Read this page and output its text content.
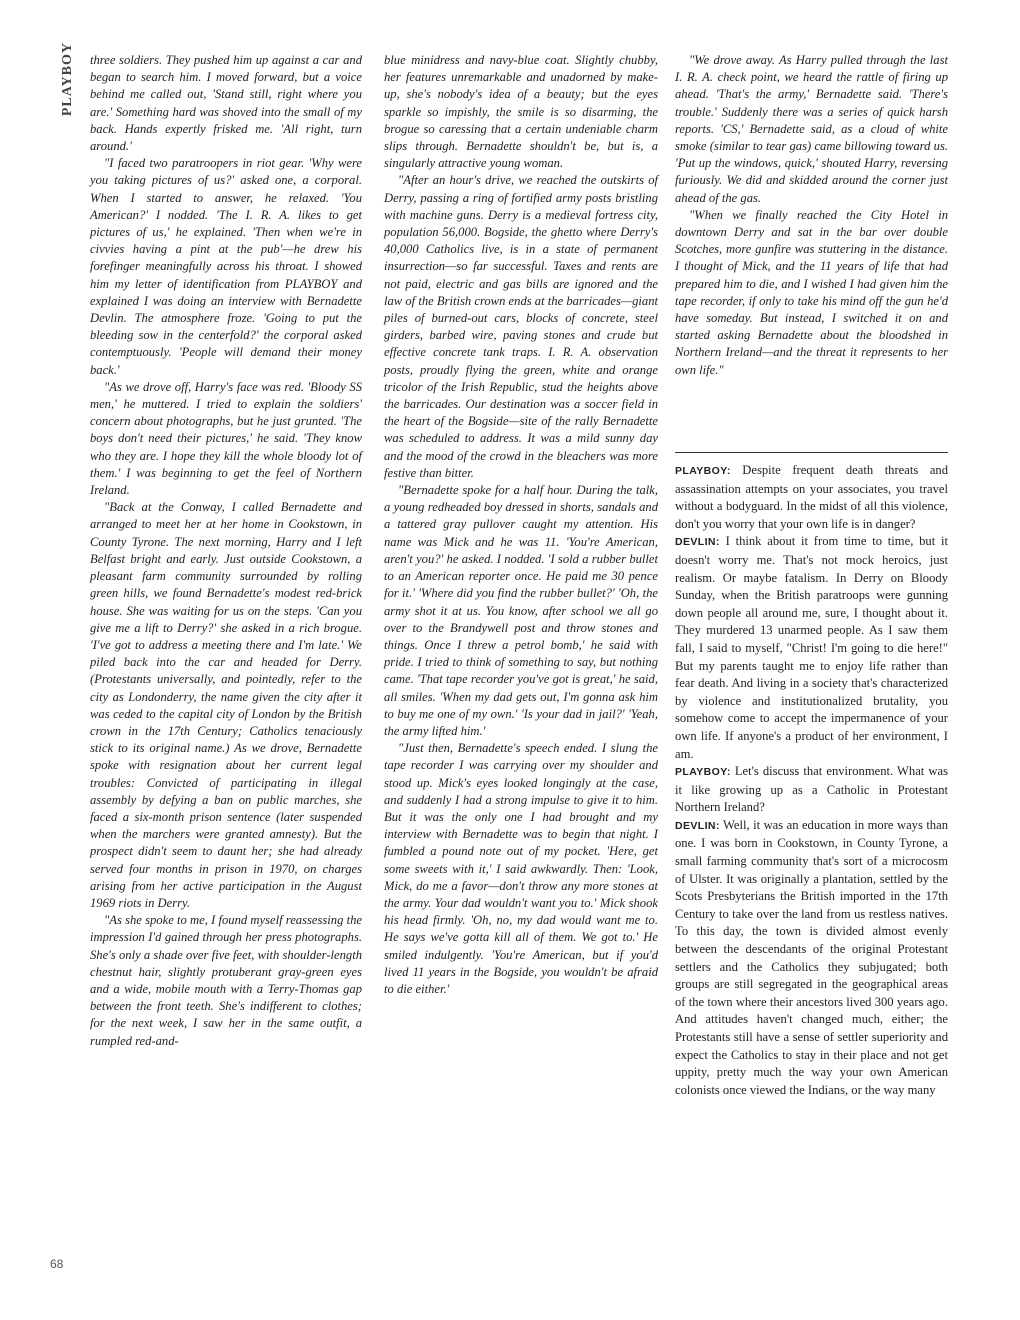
PLAYBOY
68

three soldiers. They pushed him up against a car and began to search him. I moved forward, but a voice behind me called out, 'Stand still, right where you are.' Something hard was shoved into the small of my back. Hands expertly frisked me. 'All right, turn around.'

"I faced two paratroopers in riot gear. 'Why were you taking pictures of us?' asked one, a corporal. When I started to answer, he relaxed. 'You American?' I nodded. 'The I. R. A. likes to get pictures of us,' he explained. 'Then when we're in civvies having a pint at the pub'—he drew his forefinger meaningfully across his throat. I showed him my letter of identification from PLAYBOY and explained I was doing an interview with Bernadette Devlin. The atmosphere froze. 'Going to put the bleeding sow in the centerfold?' the corporal asked contemptuously. 'People will demand their money back.'

"As we drove off, Harry's face was red. 'Bloody SS men,' he muttered. I tried to explain the soldiers' concern about photographs, but he just grunted. 'The boys don't need their pictures,' he said. 'They know who they are. I hope they kill the whole bloody lot of them.' I was beginning to get the feel of Northern Ireland.

"Back at the Conway, I called Bernadette and arranged to meet her at her home in Cookstown, in County Tyrone. The next morning, Harry and I left Belfast bright and early. Just outside Cookstown, a pleasant farm community surrounded by rolling green hills, we found Bernadette's modest red-brick house. She was waiting for us on the steps. 'Can you give me a lift to Derry?' she asked in a rich brogue. 'I've got to address a meeting there and I'm late.' We piled back into the car and headed for Derry. (Protestants universally, and pointedly, refer to the city as Londonderry, the name given the city after it was ceded to the capital city of London by the British crown in the 17th Century; Catholics tenaciously stick to its original name.) As we drove, Bernadette spoke with resignation about her current legal troubles: Convicted of participating in illegal assembly by defying a ban on public marches, she faced a six-month prison sentence (later suspended when the marchers were granted amnesty). But the prospect didn't seem to daunt her; she had already served four months in prison in 1970, on charges arising from her active participation in the August 1969 riots in Derry.

"As she spoke to me, I found myself reassessing the impression I'd gained through her press photographs. She's only a shade over five feet, with shoulder-length chestnut hair, slightly protuberant gray-green eyes and a wide, mobile mouth with a Terry-Thomas gap between the front teeth. She's indifferent to clothes; for the next week, I saw her in the same outfit, a rumpled red-and-

blue minidress and navy-blue coat. Slightly chubby, her features unremarkable and unadorned by make-up, she's nobody's idea of a beauty; but the eyes sparkle so impishly, the smile is so disarming, the brogue so caressing that a certain undeniable charm slips through. Bernadette shouldn't be, but is, a singularly attractive young woman.

"After an hour's drive, we reached the outskirts of Derry, passing a ring of fortified army posts bristling with machine guns. Derry is a medieval fortress city, population 56,000. Bogside, the ghetto where Derry's 40,000 Catholics live, is in a state of permanent insurrection—so far successful. Taxes and rents are not paid, electric and gas bills are ignored and the law of the British crown ends at the barricades—giant piles of burned-out cars, blocks of concrete, steel girders, barbed wire, paving stones and crude but effective concrete tank traps. I. R. A. observation posts, proudly flying the green, white and orange tricolor of the Irish Republic, stud the heights above the barricades. Our destination was a soccer field in the heart of the Bogside—site of the rally Bernadette was scheduled to address. It was a mild sunny day and the mood of the crowd in the bleachers was more festive than bitter.

"Bernadette spoke for a half hour. During the talk, a young redheaded boy dressed in shorts, sandals and a tattered gray pullover caught my attention. His name was Mick and he was 11. 'You're American, aren't you?' he asked. I nodded. 'I sold a rubber bullet to an American reporter once. He paid me 30 pence for it.' 'Where did you find the rubber bullet?' 'Oh, the army shot it at us. You know, after school we all go over to the Brandywell post and throw stones and things. Once I threw a petrol bomb,' he said with pride. I tried to think of something to say, but nothing came. 'That tape recorder you've got is great,' he said, all smiles. 'When my dad gets out, I'm gonna ask him to buy me one of my own.' 'Is your dad in jail?' 'Yeah, the army lifted him.'

"Just then, Bernadette's speech ended. I slung the tape recorder I was carrying over my shoulder and stood up. Mick's eyes looked longingly at the case, and suddenly I had a strong impulse to give it to him. But it was the only one I had brought and my interview with Bernadette was to begin that night. I fumbled a pound note out of my pocket. 'Here, get some sweets with it,' I said awkwardly. Then: 'Look, Mick, do me a favor—don't throw any more stones at the army. Your dad wouldn't want you to.' Mick shook his head firmly. 'Oh, no, my dad would want me to. He says we've gotta kill all of them. We got to.' He smiled indulgently. 'You're American, but if you'd lived 11 years in the Bogside, you wouldn't be afraid to die either.'

"We drove away. As Harry pulled through the last I. R. A. check point, we heard the rattle of firing up ahead. 'That's the army,' Bernadette said. 'There's trouble.' Suddenly there was a series of quick harsh reports. 'CS,' Bernadette said, as a cloud of white smoke (similar to tear gas) came billowing toward us. 'Put up the windows, quick,' shouted Harry, reversing furiously. We did and skidded around the corner just ahead of the gas.

"When we finally reached the City Hotel in downtown Derry and sat in the bar over double Scotches, more gunfire was stuttering in the distance. I thought of Mick, and the 11 years of life that had prepared him to die, and I wished I had given him the tape recorder, if only to take his mind off the gun he'd have someday. But instead, I switched it on and started asking Bernadette about the bloodshed in Northern Ireland—and the threat it represents to her own life."

PLAYBOY: Despite frequent death threats and assassination attempts on your associates, you travel without a bodyguard. In the midst of all this violence, don't you worry that your own life is in danger?

DEVLIN: I think about it from time to time, but it doesn't worry me. That's not mock heroics, just realism. Or maybe fatalism. In Derry on Bloody Sunday, when the British paratroops were gunning down people all around me, sure, I thought about it. They murdered 13 unarmed people. As I saw them fall, I said to myself, "Christ! I'm going to die here!" But my parents taught me to enjoy life rather than fear death. And living in a society that's characterized by violence and institutionalized brutality, you somehow come to accept the impermanence of your own life. If anyone's a product of her environment, I am.

PLAYBOY: Let's discuss that environment. What was it like growing up as a Catholic in Protestant Northern Ireland?

DEVLIN: Well, it was an education in more ways than one. I was born in Cookstown, in County Tyrone, a small farming community that's sort of a microcosm of Ulster. It was originally a plantation, settled by the Scots Presbyterians the British imported in the 17th Century to take over the land from us restless natives. To this day, the town is divided almost evenly between the descendants of the original Protestant settlers and the Catholics they subjugated; both groups are still segregated in the geographical areas of the town where their ancestors lived 300 years ago. And attitudes haven't changed much, either; the Protestants still have a sense of settler superiority and expect the Catholics to stay in their place and not get uppity, pretty much the way your own American colonists once viewed the Indians, or the way many
